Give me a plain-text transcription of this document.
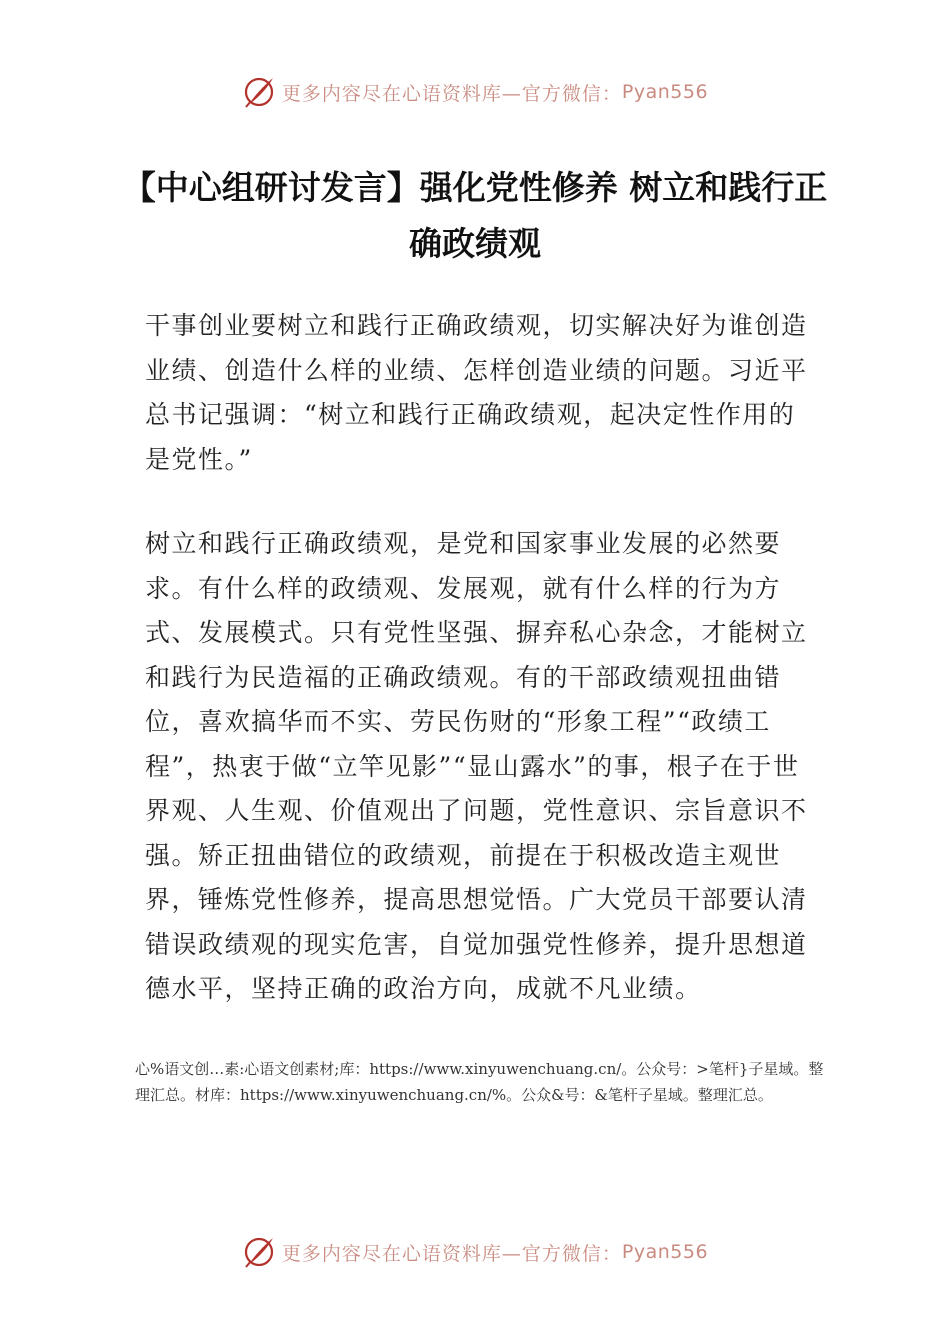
更多内容尽在心语资料库—官方微信： Pyan556
【中心组研讨发言】强化党性修养 树立和践行正确政绩观
干事创业要树立和践行正确政绩观，切实解决好为谁创造业绩、创造什么样的业绩、怎样创造业绩的问题。习近平总书记强调：“树立和践行正确政绩观，起决定性作用的是党性。”
树立和践行正确政绩观，是党和国家事业发展的必然要求。有什么样的政绩观、发展观，就有什么样的行为方式、发展模式。只有党性坚强、摒弃私心杂念，才能树立和践行为民造福的正确政绩观。有的干部政绩观扭曲错位，喜欢搞华而不实、劳民伤财的“形象工程”“政绩工程”，热衷于做“立竿见影”“显山露水”的事，根子在于世界观、人生观、价值观出了问题，党性意识、宗旨意识不强。矫正扭曲错位的政绩观，前提在于积极改造主观世界，锤炼党性修养，提高思想觉悟。广大党员干部要认清错误政绩观的现实危害，自觉加强党性修养，提升思想道德水平，坚持正确的政治方向，成就不凡业绩。
心%语文创…素:心语文创素材;库：https://www.xinyuwenchuang.cn/。公众号：>笔杆}子星域。整理汇总。材库：https://www.xinyuwenchuang.cn/%。公众&号：&笔杆子星域。整理汇总。
更多内容尽在心语资料库—官方微信： Pyan556
